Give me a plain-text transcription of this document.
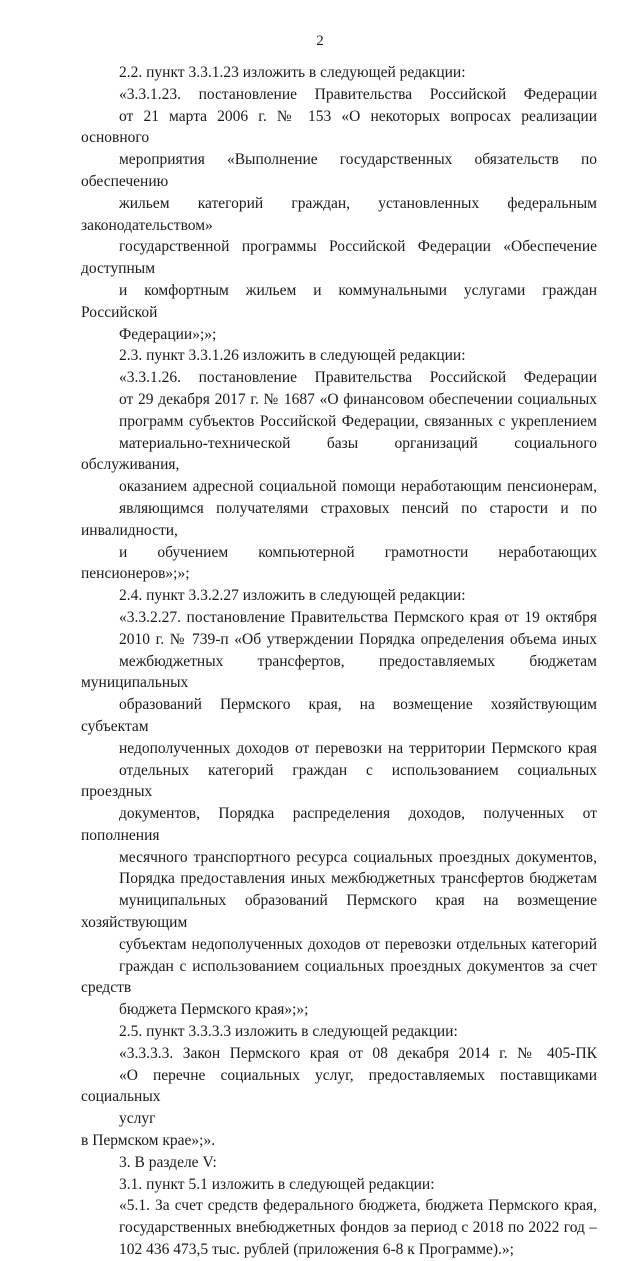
2

2.2. пункт 3.3.1.23 изложить в следующей редакции:

«3.3.1.23. постановление Правительства Российской Федерации
от 21 марта 2006 г. № 153 «О некоторых вопросах реализации основного
мероприятия «Выполнение государственных обязательств по обеспечению
жильем категорий граждан, установленных федеральным законодательством»
государственной программы Российской Федерации «Обеспечение доступным
и комфортным жильем и коммунальными услугами граждан Российской
Федерации»;»;

2.3. пункт 3.3.1.26 изложить в следующей редакции:

«3.3.1.26. постановление Правительства Российской Федерации
от 29 декабря 2017 г. № 1687 «О финансовом обеспечении социальных
программ субъектов Российской Федерации, связанных с укреплением
материально-технической базы организаций социального обслуживания,
оказанием адресной социальной помощи неработающим пенсионерам,
являющимся получателями страховых пенсий по старости и по инвалидности,
и обучением компьютерной грамотности неработающих пенсионеров»;»;

2.4. пункт 3.3.2.27 изложить в следующей редакции:

«3.3.2.27. постановление Правительства Пермского края от 19 октября
2010 г. № 739-п «Об утверждении Порядка определения объема иных
межбюджетных трансфертов, предоставляемых бюджетам муниципальных
образований Пермского края, на возмещение хозяйствующим субъектам
недополученных доходов от перевозки на территории Пермского края
отдельных категорий граждан с использованием социальных проездных
документов, Порядка распределения доходов, полученных от пополнения
месячного транспортного ресурса социальных проездных документов,
Порядка предоставления иных межбюджетных трансфертов бюджетам
муниципальных образований Пермского края на возмещение хозяйствующим
субъектам недополученных доходов от перевозки отдельных категорий
граждан с использованием социальных проездных документов за счет средств
бюджета Пермского края»;»;

2.5. пункт 3.3.3.3 изложить в следующей редакции:

«3.3.3.3. Закон Пермского края от 08 декабря 2014 г. № 405-ПК
«О перечне социальных услуг, предоставляемых поставщиками социальных
услуг

в Пермском крае»;».

3. В разделе V:

3.1. пункт 5.1 изложить в следующей редакции:

«5.1. За счет средств федерального бюджета, бюджета Пермского края,
государственных внебюджетных фондов за период с 2018 по 2022 год –
102 436 473,5 тыс. рублей (приложения 6-8 к Программе).»;
